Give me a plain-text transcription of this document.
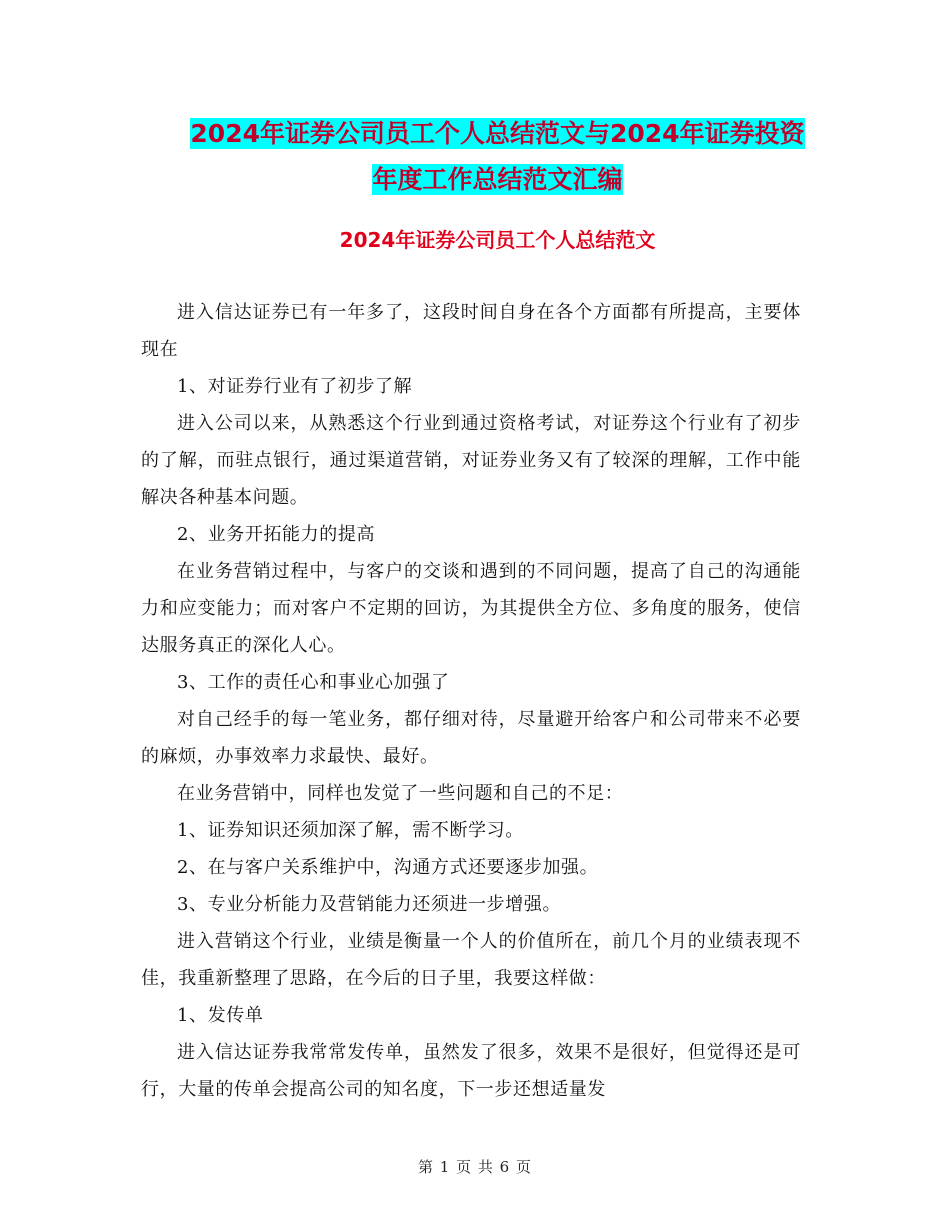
2024年证券公司员工个人总结范文与2024年证券投资
年度工作总结范文汇编
2024年证券公司员工个人总结范文

进入信达证券已有一年多了，这段时间自身在各个方面都有所提高，主要体现在

1、对证券行业有了初步了解

进入公司以来，从熟悉这个行业到通过资格考试，对证券这个行业有了初步的了解，而驻点银行，通过渠道营销，对证券业务又有了较深的理解，工作中能解决各种基本问题。

2、业务开拓能力的提高

在业务营销过程中，与客户的交谈和遇到的不同问题，提高了自己的沟通能力和应变能力；而对客户不定期的回访，为其提供全方位、多角度的服务，使信达服务真正的深化人心。

3、工作的责任心和事业心加强了

对自己经手的每一笔业务，都仔细对待，尽量避开给客户和公司带来不必要的麻烦，办事效率力求最快、最好。

在业务营销中，同样也发觉了一些问题和自己的不足：

1、证券知识还须加深了解，需不断学习。

2、在与客户关系维护中，沟通方式还要逐步加强。

3、专业分析能力及营销能力还须进一步增强。

进入营销这个行业，业绩是衡量一个人的价值所在，前几个月的业绩表现不佳，我重新整理了思路，在今后的日子里，我要这样做：

1、发传单

进入信达证券我常常发传单，虽然发了很多，效果不是很好，但觉得还是可行，大量的传单会提高公司的知名度，下一步还想适量发

第 1 页 共 6 页
